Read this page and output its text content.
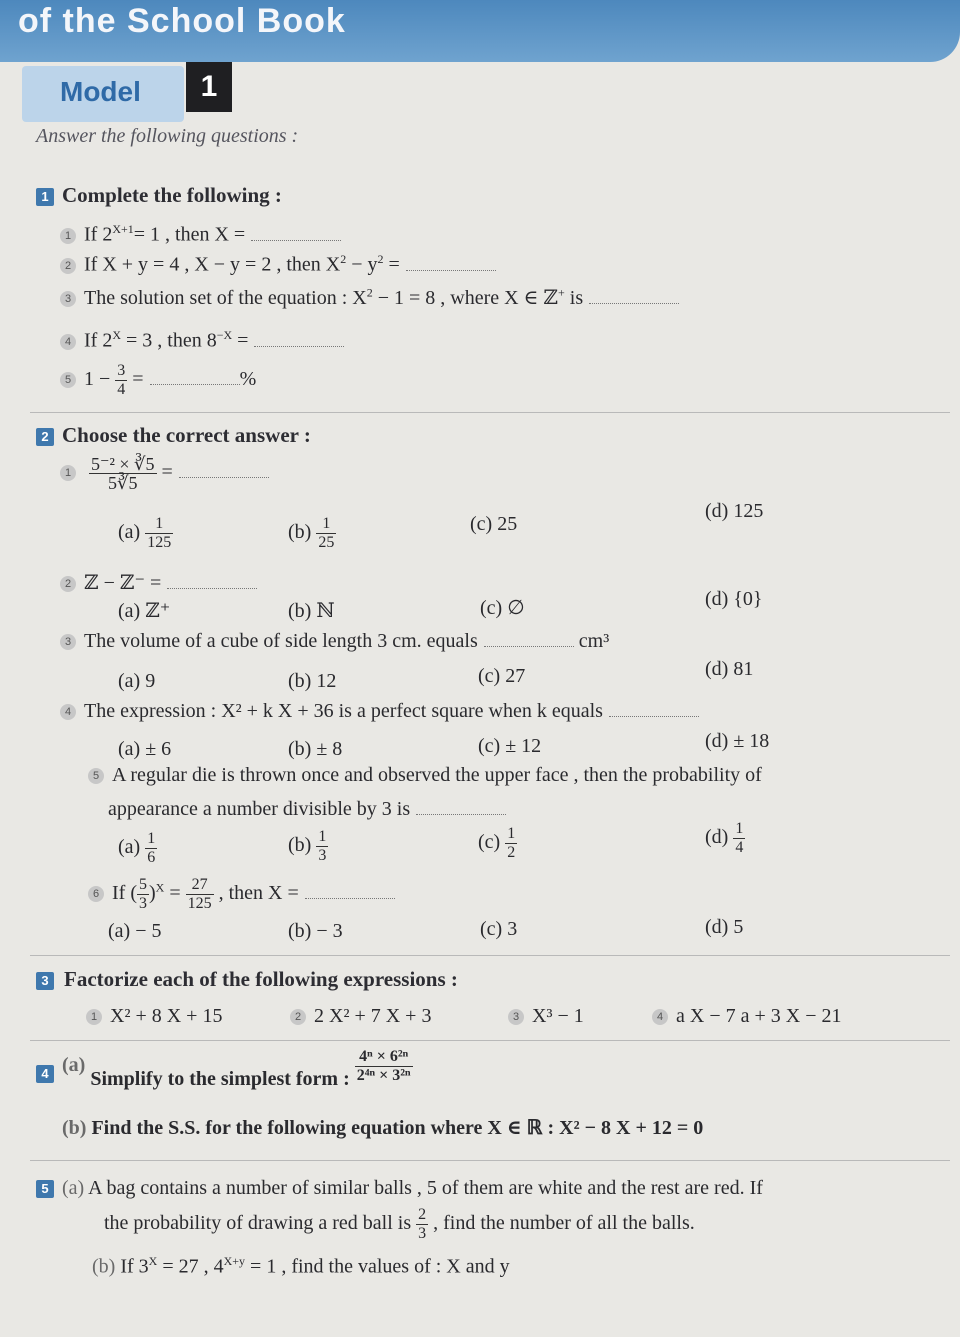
of the School Book
Model	1
Answer the following questions :
1 Complete the following :
1 If $2^{X+1}= 1$ , then X =
2 If X + y = 4 , X − y = 2 , then $X^2 - y^2$ =
3 The solution set of the equation : $X^2 - 1 = 8$ , where X ∈ ℤ+ is
4 If $2^X = 3$ , then $8^{-X}$ =
5 $1 - \frac{3}{4}$ =	%
2 Choose the correct answer :
$1 \frac{\text{5⁻² × ∛5}}{5∛5}$ =
$(a) \frac{1}{125}$	$(b) \frac{1}{25}$	(c) 25
(d) 125
2 ℤ − ℤ⁻ =
(a) ℤ⁺	(b) ℕ	(c) ∅	(d) {0}
3 The volume of a cube of side length 3 cm. equals	cm³
(a) 9	(b) 12	(c) 27	(d) 81
4 The expression : X² + k X + 36 is a perfect square when k equals
(a) ± 6	(b) ± 8	(c) ± 12	(d) ± 18
5 A regular die is thrown once and observed the upper face , then the probability of
appearance a number divisible by 3 is
$(a) \frac{1}{6}$	$(b) \frac{1}{3}$	$(c) \frac{1}{2}$	$(d) \frac{1}{4}$
6 If ( $\frac{5}{3} )^X = \frac{27}{125}$ , then X =
(a) − 5	(b) − 3	(c) 3	(d) 5
3 Factorize each of the following expressions :
1 X² + 8 X + 15	2 2 X² + 7 X + 3	3 X³ − 1	4 a X − 7 a + 3 X − 21
4 (a) Simplify to the simplest form : $\frac{\text{4ⁿ × 6²ⁿ}}{\text{2⁴ⁿ × 3²ⁿ}}$
(b) Find the S.S. for the following equation where X ∈ ℝ : X² − 8 X + 12 = 0
5 (a) A bag contains a number of similar balls , 5 of them are white and the rest are red. If
the probability of drawing a red ball is $\frac{2}{3}$ , find the number of all the balls.
(b) If $3^X = 27$ , $4^{X+y} = 1$ , find the values of : X and y
